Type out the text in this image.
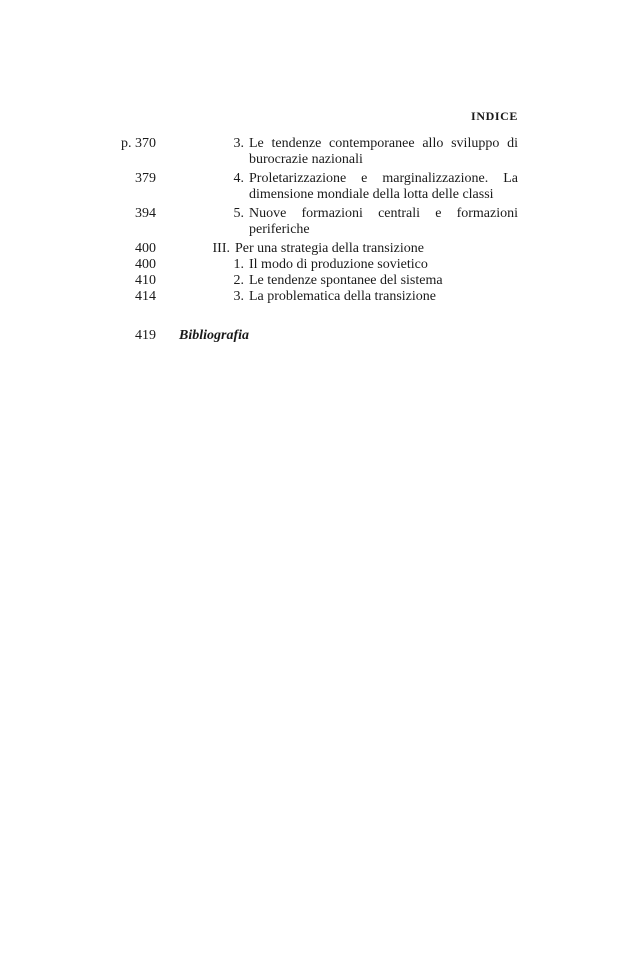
INDICE
p. 370	3. Le tendenze contemporanee allo sviluppo di burocrazie nazionali
379	4. Proletarizzazione e marginalizzazione. La dimensione mondiale della lotta delle classi
394	5. Nuove formazioni centrali e formazioni periferiche
400	III. Per una strategia della transizione
400	1. Il modo di produzione sovietico
410	2. Le tendenze spontanee del sistema
414	3. La problematica della transizione
419 Bibliografia
